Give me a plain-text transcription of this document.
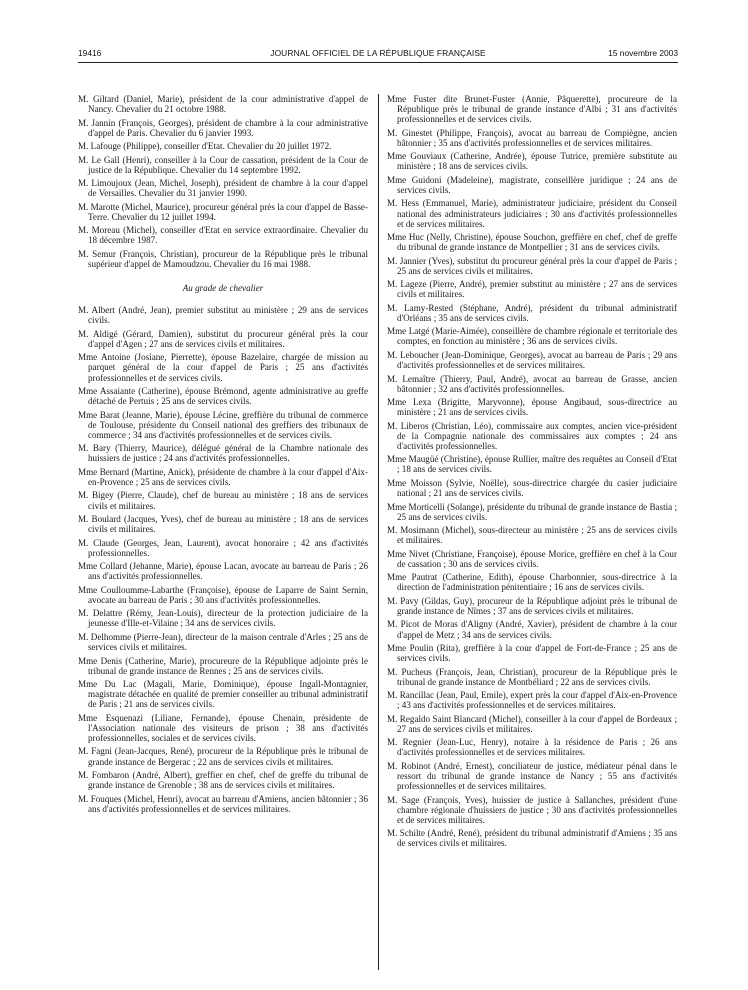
19416	JOURNAL OFFICIEL DE LA RÉPUBLIQUE FRANÇAISE	15 novembre 2003

M. Giltard (Daniel, Marie), président de la cour administrative d'appel de Nancy. Chevalier du 21 octobre 1988.

M. Jannin (François, Georges), président de chambre à la cour administrative d'appel de Paris. Chevalier du 6 janvier 1993.

M. Lafouge (Philippe), conseiller d'Etat. Chevalier du 20 juillet 1972.

M. Le Gall (Henri), conseiller à la Cour de cassation, président de la Cour de justice de la République. Chevalier du 14 septembre 1992.

M. Limoujoux (Jean, Michel, Joseph), président de chambre à la cour d'appel de Versailles. Chevalier du 31 janvier 1990.

M. Marotte (Michel, Maurice), procureur général près la cour d'appel de Basse-Terre. Chevalier du 12 juillet 1994.

M. Moreau (Michel), conseiller d'Etat en service extraordinaire. Chevalier du 18 décembre 1987.

M. Semur (François, Christian), procureur de la République près le tribunal supérieur d'appel de Mamoudzou. Chevalier du 16 mai 1988.

Au grade de chevalier

M. Albert (André, Jean), premier substitut au ministère ; 29 ans de services civils.

M. Aldigé (Gérard, Damien), substitut du procureur général près la cour d'appel d'Agen ; 27 ans de services civils et militaires.

Mme Antoine (Josiane, Pierrette), épouse Bazelaire, chargée de mission au parquet général de la cour d'appel de Paris ; 25 ans d'activités professionnelles et de services civils.

Mme Assaiante (Catherine), épouse Brémond, agente administrative au greffe détaché de Pertuis ; 25 ans de services civils.

Mme Barat (Jeanne, Marie), épouse Lécine, greffière du tribunal de commerce de Toulouse, présidente du Conseil national des greffiers des tribunaux de commerce ; 34 ans d'activités professionnelles et de services civils.

M. Bary (Thierry, Maurice), délégué général de la Chambre nationale des huissiers de justice ; 24 ans d'activités professionnelles.

Mme Bernard (Martine, Anick), présidente de chambre à la cour d'appel d'Aix-en-Provence ; 25 ans de services civils.

M. Bigey (Pierre, Claude), chef de bureau au ministère ; 18 ans de services civils et militaires.

M. Boulard (Jacques, Yves), chef de bureau au ministère ; 18 ans de services civils et militaires.

M. Claude (Georges, Jean, Laurent), avocat honoraire ; 42 ans d'activités professionnelles.

Mme Collard (Jehanne, Marie), épouse Lacan, avocate au barreau de Paris ; 26 ans d'activités professionnelles.

Mme Coulloumme-Labarthe (Françoise), épouse de Laparre de Saint Sernin, avocate au barreau de Paris ; 30 ans d'activités professionnelles.

M. Delattre (Rémy, Jean-Louis), directeur de la protection judiciaire de la jeunesse d'Ille-et-Vilaine ; 34 ans de services civils.

M. Delhomme (Pierre-Jean), directeur de la maison centrale d'Arles ; 25 ans de services civils et militaires.

Mme Denis (Catherine, Marie), procureure de la République adjointe près le tribunal de grande instance de Rennes ; 25 ans de services civils.

Mme Du Lac (Magali, Marie, Dominique), épouse Ingall-Montagnier, magistrate détachée en qualité de premier conseiller au tribunal administratif de Paris ; 21 ans de services civils.

Mme Esquenazi (Liliane, Fernande), épouse Chenain, présidente de l'Association nationale des visiteurs de prison ; 38 ans d'activités professionnelles, sociales et de services civils.

M. Fagni (Jean-Jacques, René), procureur de la République près le tribunal de grande instance de Bergerac ; 22 ans de services civils et militaires.

M. Fombaron (André, Albert), greffier en chef, chef de greffe du tribunal de grande instance de Grenoble ; 38 ans de services civils et militaires.

M. Fouques (Michel, Henri), avocat au barreau d'Amiens, ancien bâtonnier ; 36 ans d'activités professionnelles et de services militaires.

Mme Fuster dite Brunet-Fuster (Annie, Pâquerette), procureure de la République près le tribunal de grande instance d'Albi ; 31 ans d'activités professionnelles et de services civils.

M. Ginestet (Philippe, François), avocat au barreau de Compiègne, ancien bâtonnier ; 35 ans d'activités professionnelles et de services militaires.

Mme Gouviaux (Catherine, Andrée), épouse Tutrice, première substitute au ministère ; 18 ans de services civils.

Mme Guidoni (Madeleine), magistrate, conseillère juridique ; 24 ans de services civils.

M. Hess (Emmanuel, Marie), administrateur judiciaire, président du Conseil national des administrateurs judiciaires ; 30 ans d'activités professionnelles et de services militaires.

Mme Huc (Nelly, Christine), épouse Souchon, greffière en chef, chef de greffe du tribunal de grande instance de Montpellier ; 31 ans de services civils.

M. Jannier (Yves), substitut du procureur général près la cour d'appel de Paris ; 25 ans de services civils et militaires.

M. Lageze (Pierre, André), premier substitut au ministère ; 27 ans de services civils et militaires.

M. Lamy-Rested (Stéphane, André), président du tribunal administratif d'Orléans ; 35 ans de services civils.

Mme Latgé (Marie-Aimée), conseillère de chambre régionale et territoriale des comptes, en fonction au ministère ; 36 ans de services civils.

M. Leboucher (Jean-Dominique, Georges), avocat au barreau de Paris ; 29 ans d'activités professionnelles et de services militaires.

M. Lemaître (Thierry, Paul, André), avocat au barreau de Grasse, ancien bâtonnier ; 32 ans d'activités professionnelles.

Mme Lexa (Brigitte, Maryvonne), épouse Angibaud, sous-directrice au ministère ; 21 ans de services civils.

M. Liberos (Christian, Léo), commissaire aux comptes, ancien vice-président de la Compagnie nationale des commissaires aux comptes ; 24 ans d'activités professionnelles.

Mme Maugüé (Christine), épouse Rullier, maître des requêtes au Conseil d'Etat ; 18 ans de services civils.

Mme Moisson (Sylvie, Noëlle), sous-directrice chargée du casier judiciaire national ; 21 ans de services civils.

Mme Morticelli (Solange), présidente du tribunal de grande instance de Bastia ; 25 ans de services civils.

M. Mosimann (Michel), sous-directeur au ministère ; 25 ans de services civils et militaires.

Mme Nivet (Christiane, Françoise), épouse Morice, greffière en chef à la Cour de cassation ; 30 ans de services civils.

Mme Pautrat (Catherine, Edith), épouse Charbonnier, sous-directrice à la direction de l'administration pénitentiaire ; 16 ans de services civils.

M. Pavy (Gildas, Guy), procureur de la République adjoint près le tribunal de grande instance de Nîmes ; 37 ans de services civils et militaires.

M. Picot de Moras d'Aligny (André, Xavier), président de chambre à la cour d'appel de Metz ; 34 ans de services civils.

Mme Poulin (Rita), greffière à la cour d'appel de Fort-de-France ; 25 ans de services civils.

M. Pucheus (François, Jean, Christian), procureur de la République près le tribunal de grande instance de Montbéliard ; 22 ans de services civils.

M. Rancillac (Jean, Paul, Emile), expert près la cour d'appel d'Aix-en-Provence ; 43 ans d'activités professionnelles et de services militaires.

M. Regaldo Saint Blancard (Michel), conseiller à la cour d'appel de Bordeaux ; 27 ans de services civils et militaires.

M. Regnier (Jean-Luc, Henry), notaire à la résidence de Paris ; 26 ans d'activités professionnelles et de services militaires.

M. Robinot (André, Ernest), conciliateur de justice, médiateur pénal dans le ressort du tribunal de grande instance de Nancy ; 55 ans d'activités professionnelles et de services militaires.

M. Sage (François, Yves), huissier de justice à Sallanches, président d'une chambre régionale d'huissiers de justice ; 30 ans d'activités professionnelles et de services militaires.

M. Schilte (André, René), président du tribunal administratif d'Amiens ; 35 ans de services civils et militaires.
